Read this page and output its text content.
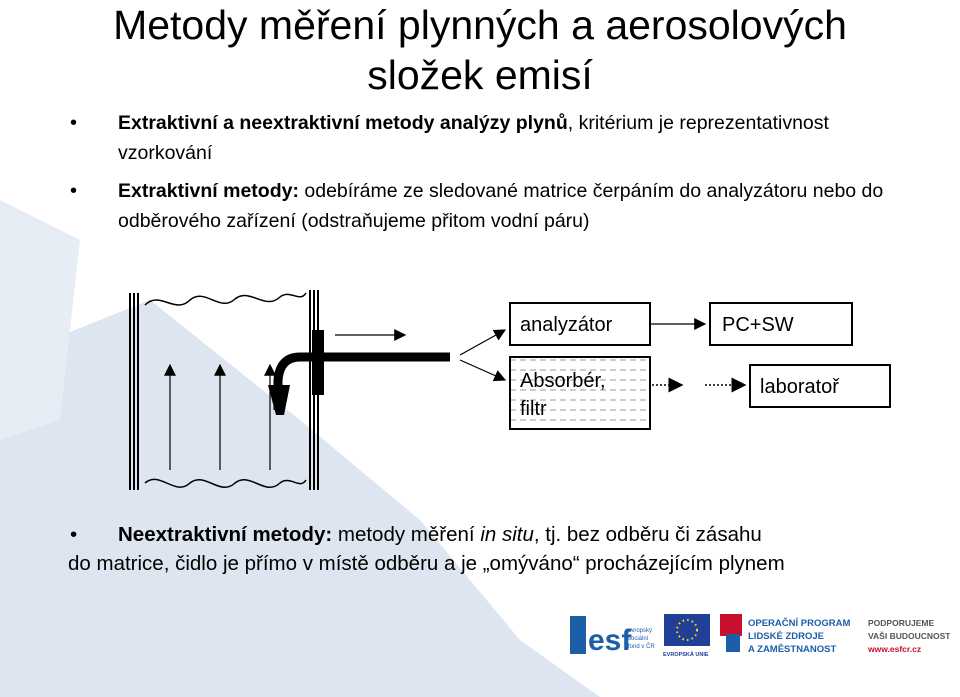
Metody měření plynných a aerosolových
složek emisí
• Extraktivní a neextraktivní metody analýzy plynů, kritérium je reprezentativnost vzorkování
• Extraktivní metody: odebíráme ze sledované matrice čerpáním do analyzátoru nebo do odběrového zařízení (odstraňujeme přitom vodní páru)
analyzátor	PC+SW
Absorbér,
filtr
laboratoř
• Neextraktivní metody: metody měření in situ, tj. bez odběru či zásahu
do matrice, čidlo je přímo v místě odběru a je „omýváno“ procházejícím plynem
esf
evropský
sociální
fond v ČR
EVROPSKÁ UNIE
OPERAČNÍ PROGRAM
LIDSKÉ ZDROJE
A ZAMĚSTNANOST
PODPORUJEME
VAŠI BUDOUCNOST
www.esfcr.cz
